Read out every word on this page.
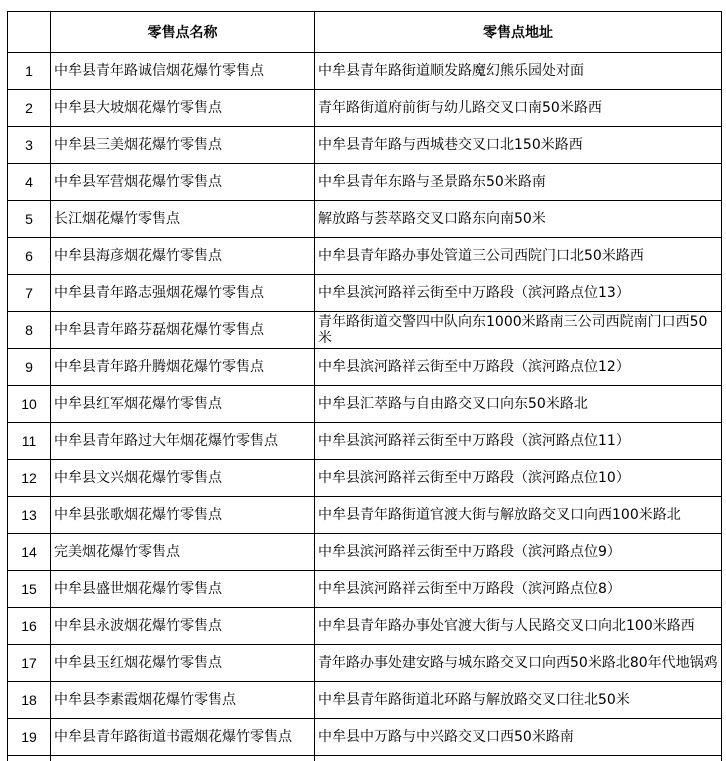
	零售点名称	零售点地址
1	中牟县青年路诚信烟花爆竹零售点	中牟县青年路街道顺发路魔幻熊乐园处对面
2	中牟县大坡烟花爆竹零售点	青年路街道府前街与幼儿路交叉口南50米路西
3	中牟县三美烟花爆竹零售点	中牟县青年路与西城巷交叉口北150米路西
4	中牟县军营烟花爆竹零售点	中牟县青年东路与圣景路东50米路南
5	长江烟花爆竹零售点	解放路与荟萃路交叉口路东向南50米
6	中牟县海彦烟花爆竹零售点	中牟县青年路办事处管道三公司西院门口北50米路西
7	中牟县青年路志强烟花爆竹零售点	中牟县滨河路祥云街至中万路段（滨河路点位13）
8	中牟县青年路芬磊烟花爆竹零售点	青年路街道交警四中队向东1000米路南三公司西院南门口西50米
9	中牟县青年路升腾烟花爆竹零售点	中牟县滨河路祥云街至中万路段（滨河路点位12）
10	中牟县红军烟花爆竹零售点	中牟县汇萃路与自由路交叉口向东50米路北
11	中牟县青年路过大年烟花爆竹零售点	中牟县滨河路祥云街至中万路段（滨河路点位11）
12	中牟县文兴烟花爆竹零售点	中牟县滨河路祥云街至中万路段（滨河路点位10）
13	中牟县张歌烟花爆竹零售点	中牟县青年路街道官渡大街与解放路交叉口向西100米路北
14	完美烟花爆竹零售点	中牟县滨河路祥云街至中万路段（滨河路点位9）
15	中牟县盛世烟花爆竹零售点	中牟县滨河路祥云街至中万路段（滨河路点位8）
16	中牟县永波烟花爆竹零售点	中牟县青年路办事处官渡大街与人民路交叉口向北100米路西
17	中牟县玉红烟花爆竹零售点	青年路办事处建安路与城东路交叉口向西50米路北80年代地锅鸡
18	中牟县李素霞烟花爆竹零售点	中牟县青年路街道北环路与解放路交叉口往北50米
19	中牟县青年路街道书霞烟花爆竹零售点	中牟县中万路与中兴路交叉口西50米路南
